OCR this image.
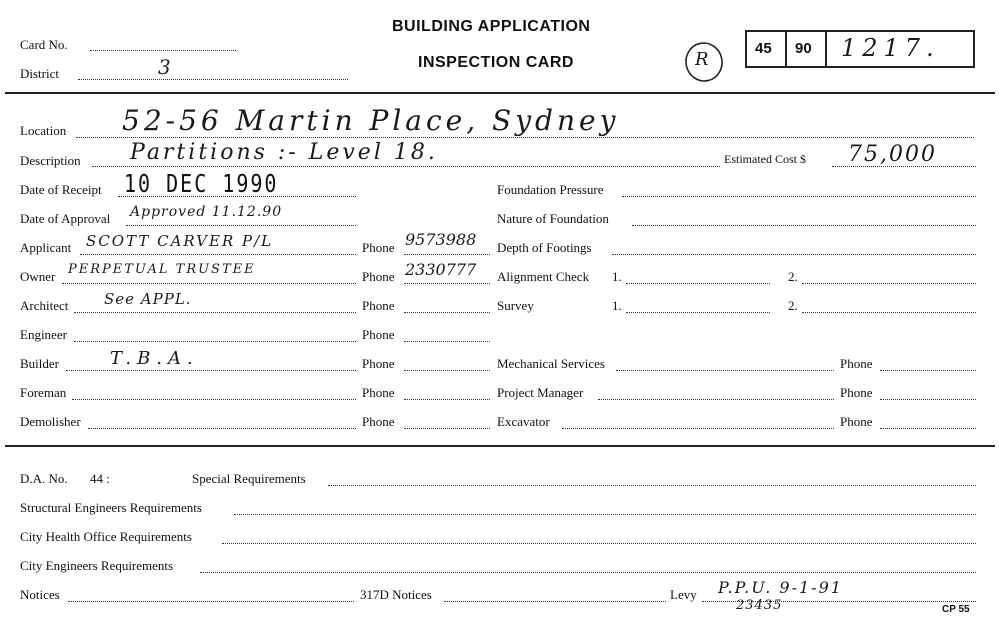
Card No.
District	3
BUILDING APPLICATION
INSPECTION CARD	R
45 90 1217.
Location 52-56 Martin Place, Sydney
Description Partitions :- Level 18.	Estimated Cost $ 75,000
Date of Receipt 10 DEC 1990	Foundation Pressure
Date of Approval Approved 11.12.90	Nature of Foundation
Applicant SCOTT CARVER P/L	Phone 9573988 Depth of Footings
Owner PERPETUAL TRUSTEE	Phone 2330777 Alignment Check 1.	2.
Architect See APPL.	Phone	Survey	1.	2.
Engineer	Phone
Builder	T.B.A.	Phone	Mechanical Services	Phone
Foreman	Phone	Project Manager	Phone
Demolisher	Phone	Excavator	Phone
D.A. No. 44 :	Special Requirements
Structural Engineers Requirements
City Health Office Requirements
City Engineers Requirements
Notices	317D Notices	Levy P.P.U. 9-1-91
23435	CP 55
